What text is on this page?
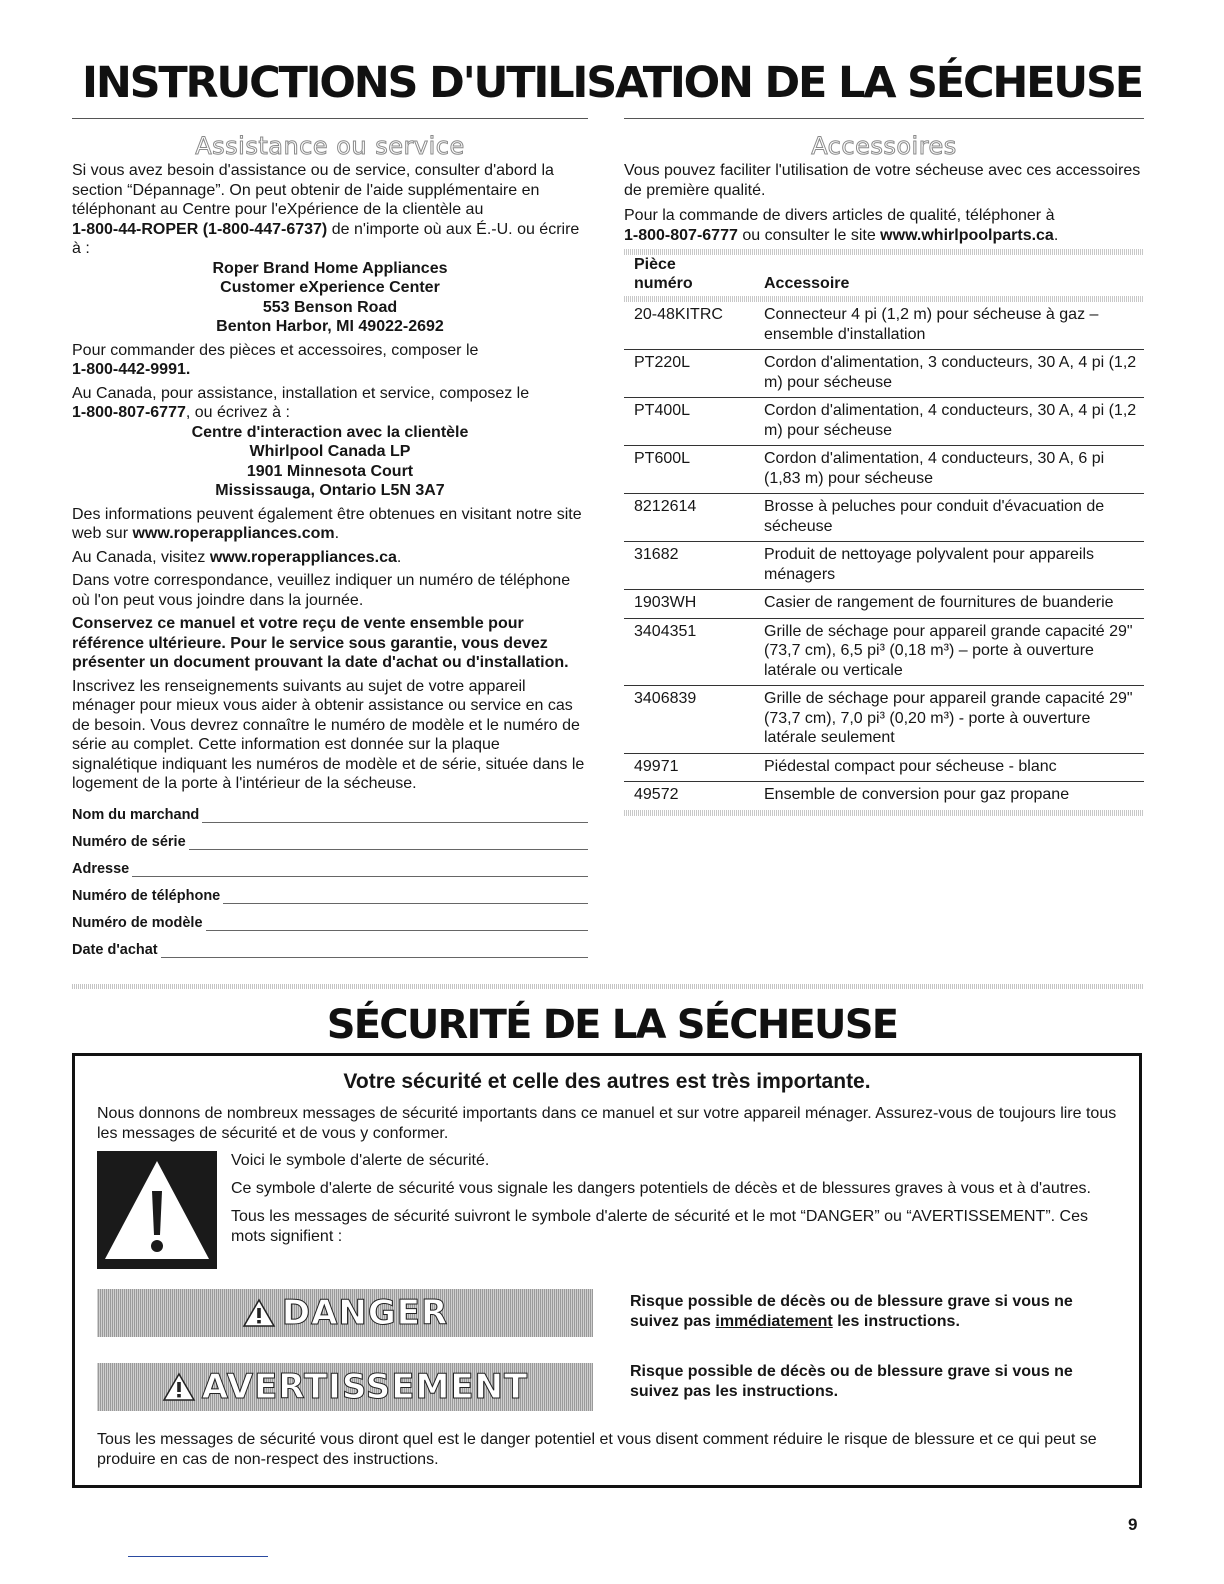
INSTRUCTIONS D'UTILISATION DE LA SÉCHEUSE
Assistance ou service
Si vous avez besoin d'assistance ou de service, consulter d'abord la section “Dépannage”. On peut obtenir de l'aide supplémentaire en téléphonant au Centre pour l'eXpérience de la clientèle au
1-800-44-ROPER (1-800-447-6737) de n'importe où aux É.-U. ou écrire à :
Roper Brand Home Appliances
Customer eXperience Center
553 Benson Road
Benton Harbor, MI 49022-2692
Pour commander des pièces et accessoires, composer le
1-800-442-9991.
Au Canada, pour assistance, installation et service, composez le
1-800-807-6777, ou écrivez à :
Centre d'interaction avec la clientèle
Whirlpool Canada LP
1901 Minnesota Court
Mississauga, Ontario L5N 3A7
Des informations peuvent également être obtenues en visitant notre site web sur www.roperappliances.com.
Au Canada, visitez www.roperappliances.ca.
Dans votre correspondance, veuillez indiquer un numéro de téléphone où l'on peut vous joindre dans la journée.
Conservez ce manuel et votre reçu de vente ensemble pour référence ultérieure. Pour le service sous garantie, vous devez présenter un document prouvant la date d'achat ou d'installation.
Inscrivez les renseignements suivants au sujet de votre appareil ménager pour mieux vous aider à obtenir assistance ou service en cas de besoin. Vous devrez connaître le numéro de modèle et le numéro de série au complet. Cette information est donnée sur la plaque signalétique indiquant les numéros de modèle et de série, située dans le logement de la porte à l'intérieur de la sécheuse.
Nom du marchand
Numéro de série
Adresse
Numéro de téléphone
Numéro de modèle
Date d'achat
Accessoires
Vous pouvez faciliter l'utilisation de votre sécheuse avec ces accessoires de première qualité.
Pour la commande de divers articles de qualité, téléphoner à
1-800-807-6777 ou consulter le site www.whirlpoolparts.ca.
Pièce
numéro	Accessoire

20-48KITRC	Connecteur 4 pi (1,2 m) pour sécheuse à gaz – ensemble d'installation
PT220L	Cordon d'alimentation, 3 conducteurs, 30 A, 4 pi (1,2 m) pour sécheuse
PT400L	Cordon d'alimentation, 4 conducteurs, 30 A, 4 pi (1,2 m) pour sécheuse
PT600L	Cordon d'alimentation, 4 conducteurs, 30 A, 6 pi (1,83 m) pour sécheuse
8212614	Brosse à peluches pour conduit d'évacuation de sécheuse
31682	Produit de nettoyage polyvalent pour appareils ménagers
1903WH	Casier de rangement de fournitures de buanderie
3404351	Grille de séchage pour appareil grande capacité 29" (73,7 cm), 6,5 pi³ (0,18 m³) – porte à ouverture latérale ou verticale
3406839	Grille de séchage pour appareil grande capacité 29" (73,7 cm), 7,0 pi³ (0,20 m³) - porte à ouverture latérale seulement
49971	Piédestal compact pour sécheuse - blanc
49572	Ensemble de conversion pour gaz propane
SÉCURITÉ DE LA SÉCHEUSE
Votre sécurité et celle des autres est très importante.
Nous donnons de nombreux messages de sécurité importants dans ce manuel et sur votre appareil ménager. Assurez-vous de toujours lire tous les messages de sécurité et de vous y conformer.
Voici le symbole d'alerte de sécurité.
Ce symbole d'alerte de sécurité vous signale les dangers potentiels de décès et de blessures graves à vous et à d'autres.
Tous les messages de sécurité suivront le symbole d'alerte de sécurité et le mot “DANGER” ou “AVERTISSEMENT”. Ces mots signifient :
DANGER	Risque possible de décès ou de blessure grave si vous ne suivez pas immédiatement les instructions.
AVERTISSEMENT	Risque possible de décès ou de blessure grave si vous ne suivez pas les instructions.
Tous les messages de sécurité vous diront quel est le danger potentiel et vous disent comment réduire le risque de blessure et ce qui peut se produire en cas de non-respect des instructions.
9
